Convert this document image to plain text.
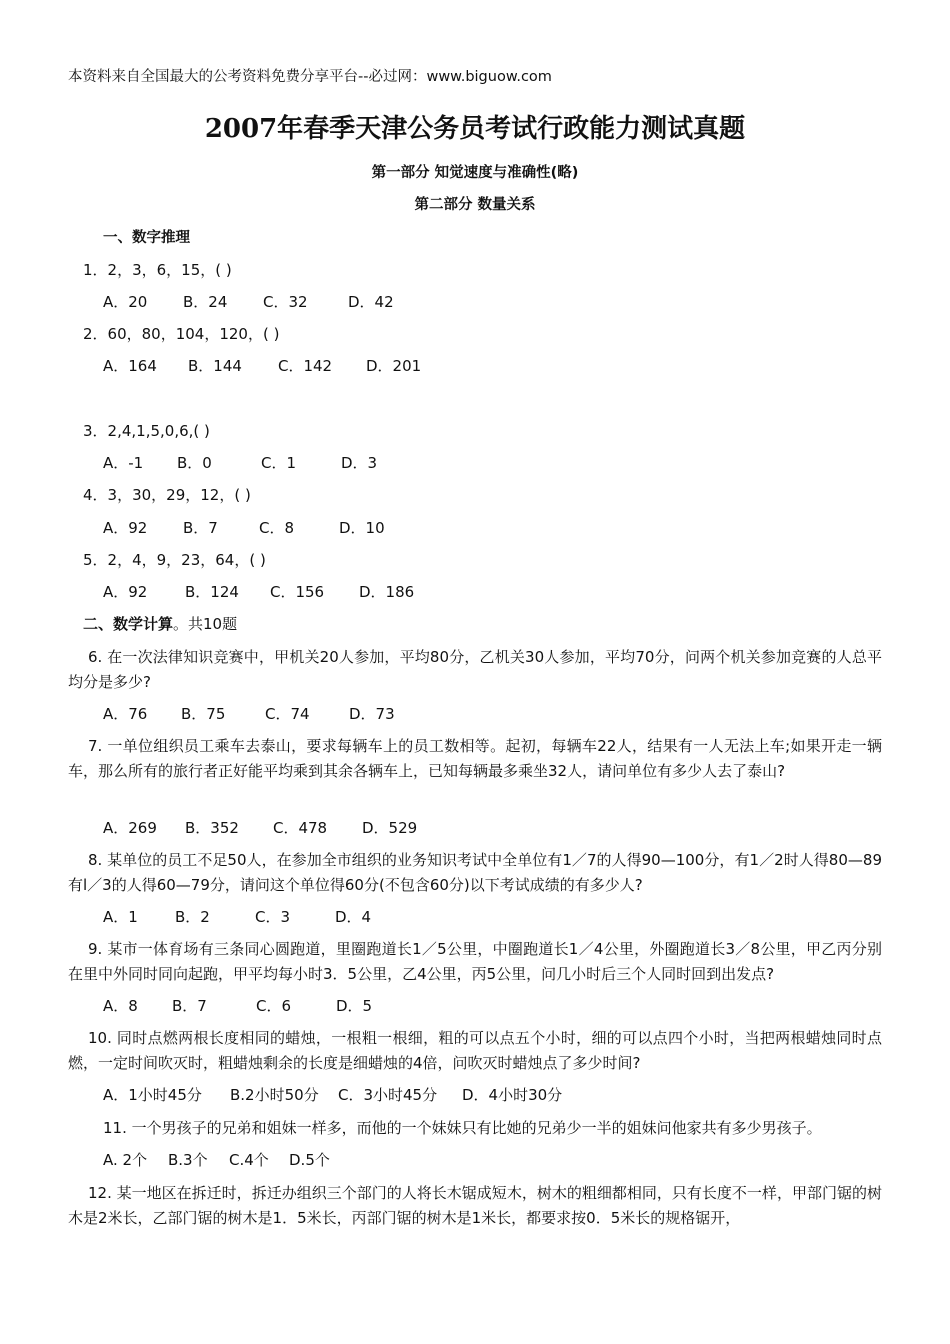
本资料来自全国最大的公考资料免费分享平台--必过网：www.biguow.com
2007年春季天津公务员考试行政能力测试真题
第一部分 知觉速度与准确性(略)
第二部分 数量关系
一、数字推理
1．2，3，6，15，( )
A．20 B．24 C．32	D．42
2．60，80，104，120，( )
A．164 B．144 C．142 D．201
3．2,4,1,5,0,6,( )
A．-1 B．0	C．1	D．3
4．3，30，29，12，( )
A．92 B．7	C．8	D．10
5．2，4，9，23，64，( )
A．92	B．124 C．156 D．186
二、数学计算。共10题
6. 在一次法律知识竞赛中，甲机关20人参加，平均80分，乙机关30人参加，平均70分，问两个机关参加竞赛的人总平均分是多少?
A．76 B．75	C．74	D．73
7. 一单位组织员工乘车去泰山，要求每辆车上的员工数相等。起初，每辆车22人，结果有一人无法上车;如果开走一辆车，那么所有的旅行者正好能平均乘到其余各辆车上，已知每辆最多乘坐32人，请问单位有多少人去了泰山?
A．269 B．352 C．478 D．529
8. 某单位的员工不足50人，在参加全市组织的业务知识考试中全单位有1／7的人得90—100分，有1／2时人得80—89有l／3的人得60—79分，请问这个单位得60分(不包含60分)以下考试成绩的有多少人?
A．1 B．2	C．3	D．4
9. 某市一体育场有三条同心圆跑道，里圈跑道长1／5公里，中圈跑道长1／4公里，外圈跑道长3／8公里，甲乙丙分别在里中外同时同向起跑，甲平均每小时3．5公里，乙4公里，丙5公里，问几小时后三个人同时回到出发点?
A．8 B．7	C．6	D．5
10. 同时点燃两根长度相同的蜡烛，一根粗一根细，粗的可以点五个小时，细的可以点四个小时，当把两根蜡烛同时点燃，一定时间吹灭时，粗蜡烛剩余的长度是细蜡烛的4倍，问吹灭时蜡烛点了多少时间?
A．1小时45分 B.2小时50分 C．3小时45分 D．4小时30分
11. 一个男孩子的兄弟和姐妹一样多，而他的一个妹妹只有比她的兄弟少一半的姐妹问他家共有多少男孩子。
A. 2个 B.3个 C.4个 D.5个
12. 某一地区在拆迁时，拆迁办组织三个部门的人将长木锯成短木，树木的粗细都相同，只有长度不一样，甲部门锯的树木是2米长，乙部门锯的树木是1．5米长，丙部门锯的树木是1米长，都要求按0．5米长的规格锯开，
